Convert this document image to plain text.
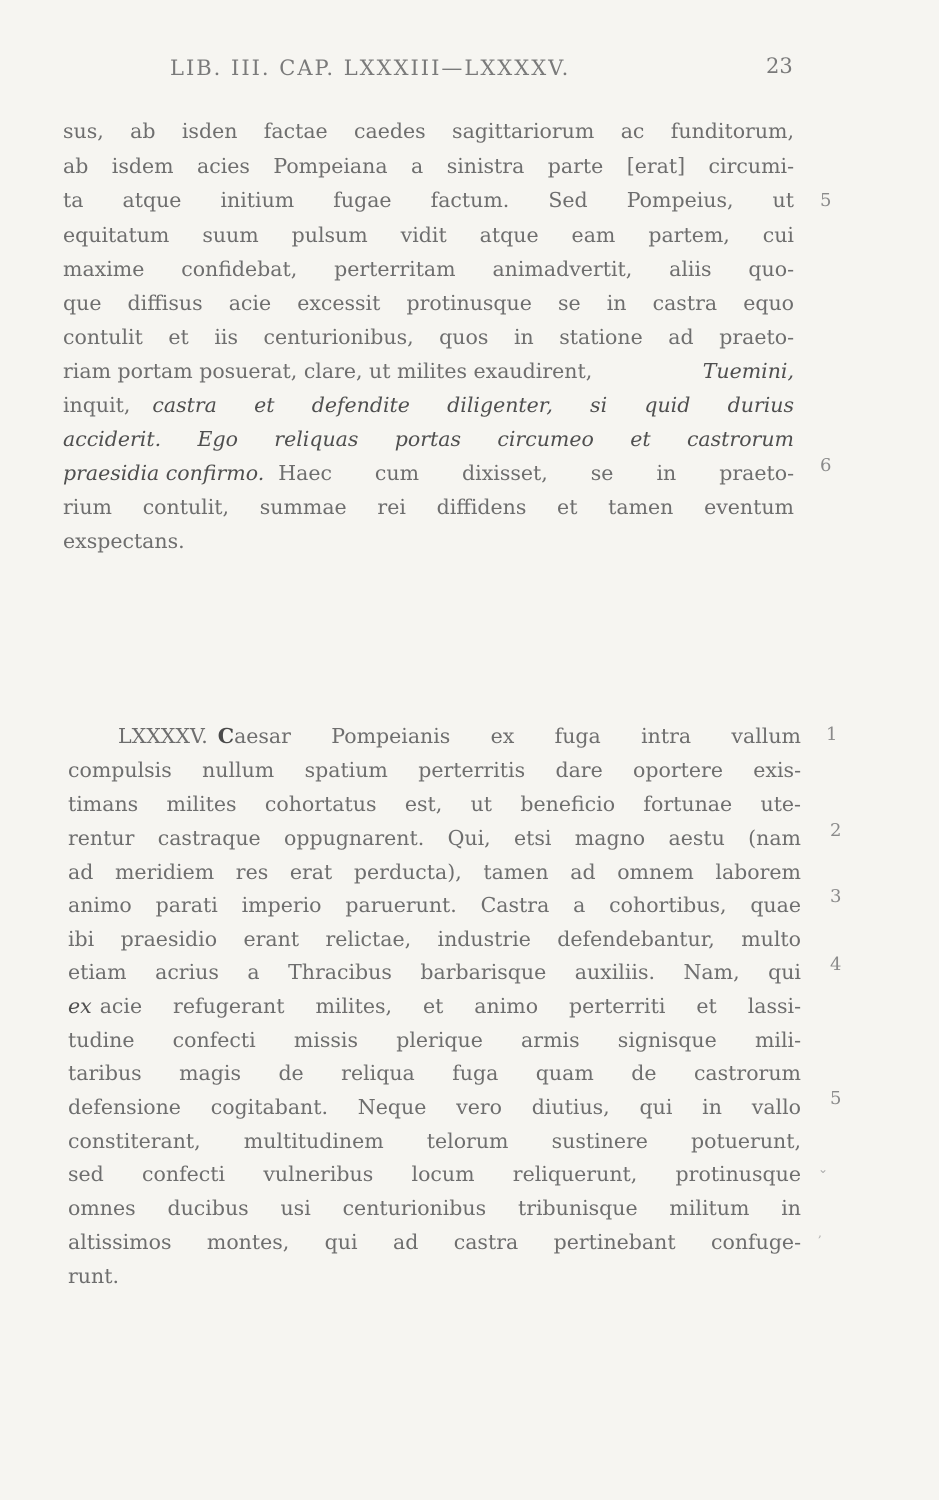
LIB. III. CAP. LXXXIII—LXXXXV.	23
sus, ab isden factae caedes sagittariorum ac funditorum,
ab isdem acies Pompeiana a sinistra parte [erat] circumi-
ta atque initium fugae factum. Sed Pompeius, ut
equitatum suum pulsum vidit atque eam partem, cui
maxime confidebat, perterritam animadvertit, aliis quo-
que diffisus acie excessit protinusque se in castra equo
contulit et iis centurionibus, quos in statione ad praeto-
riam portam posuerat, clare, ut milites exaudirent,	Tuemini,
inquit, castra et defendite diligenter, si quid durius
acciderit. Ego reliquas portas circumeo et castrorum
praesidia confirmo. Haec cum dixisset, se in praeto-
rium contulit, summae rei diffidens et tamen eventum
exspectans.
5
6
LXXXXV. Caesar Pompeianis ex fuga intra vallum
compulsis nullum spatium perterritis dare oportere exis-
timans milites cohortatus est, ut beneficio fortunae ute-
rentur castraque oppugnarent. Qui, etsi magno aestu (nam
ad meridiem res erat perducta), tamen ad omnem laborem
animo parati imperio paruerunt. Castra a cohortibus, quae
ibi praesidio erant relictae, industrie defendebantur, multo
etiam acrius a Thracibus barbarisque auxiliis. Nam, qui
ex acie refugerant milites, et animo perterriti et lassi-
tudine confecti missis plerique armis signisque mili-
taribus magis de reliqua fuga quam de castrorum
defensione cogitabant. Neque vero diutius, qui in vallo
constiterant, multitudinem telorum sustinere potuerunt,
sed confecti vulneribus locum reliquerunt, protinusque
omnes ducibus usi centurionibus tribunisque militum in
altissimos montes, qui ad castra pertinebant confuge-
runt.
1
2
3
4
5
⌄
,
